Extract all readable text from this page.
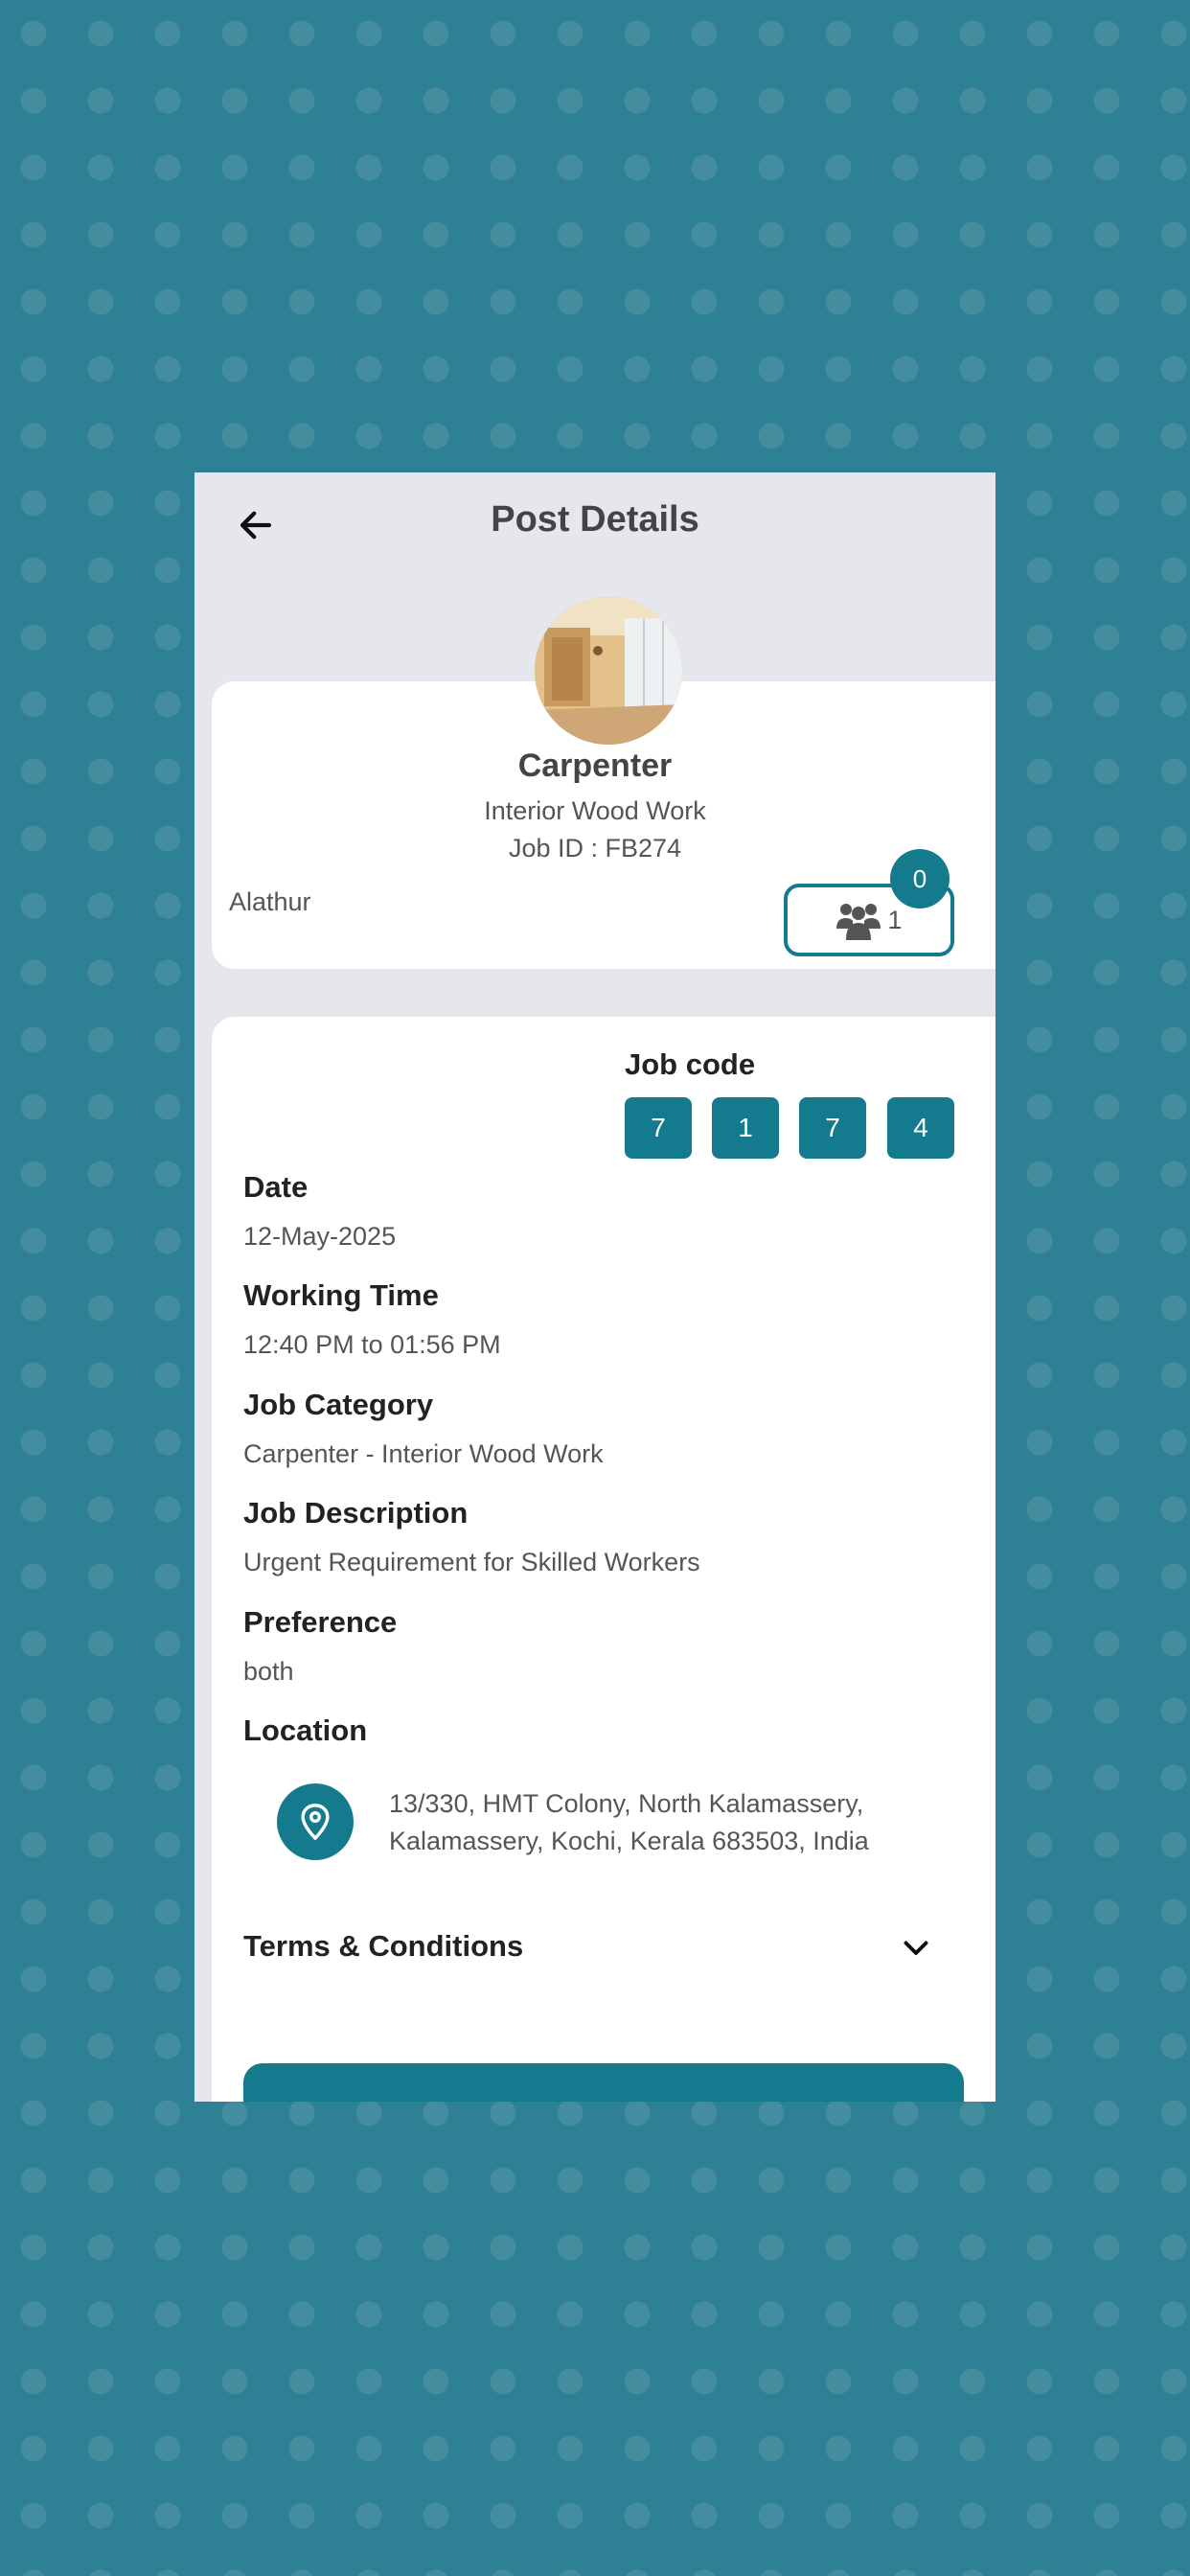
Post Details
Carpenter
Interior Wood Work
Job ID : FB274
Alathur
1
0
Job code
7	1	7	4
Date
12-May-2025
Working Time
12:40 PM to 01:56 PM
Job Category
Carpenter - Interior Wood Work
Job Description
Urgent Requirement for Skilled Workers
Preference
both
Location
13/330, HMT Colony, North Kalamassery,
Kalamassery, Kochi, Kerala 683503, India
Terms & Conditions
